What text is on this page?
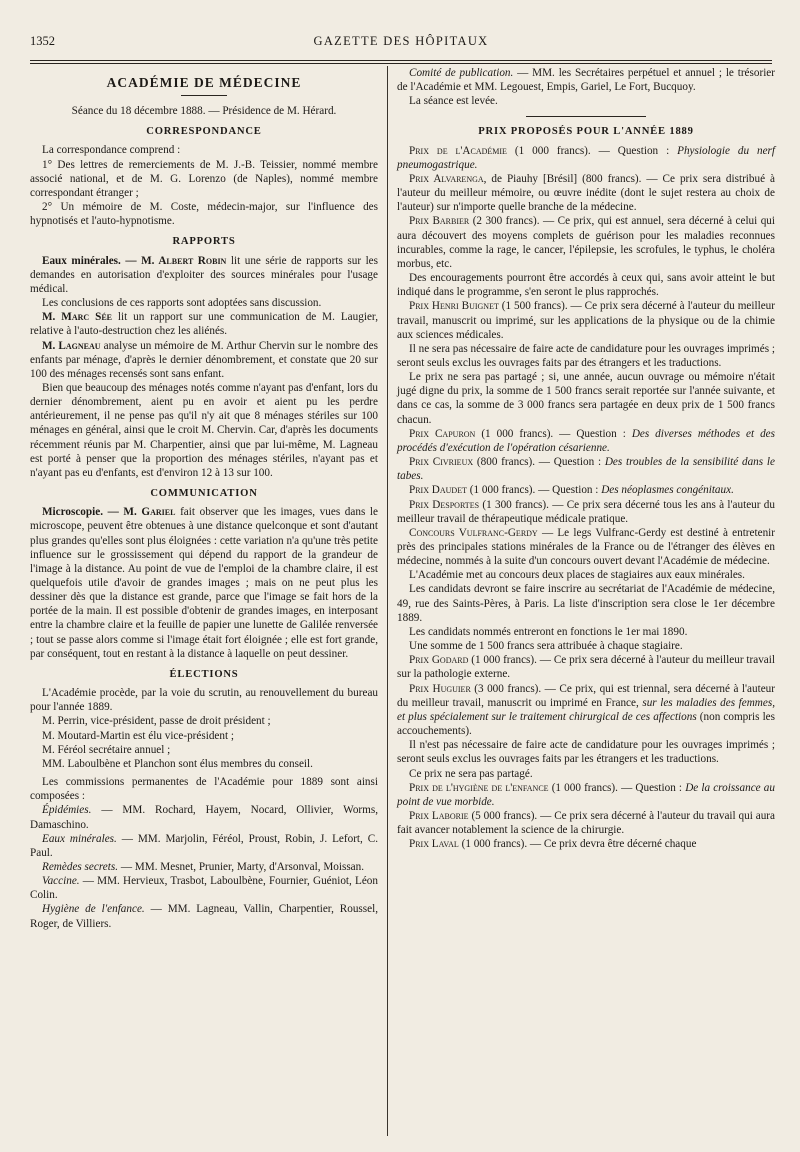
1352	GAZETTE DES HÔPITAUX
ACADÉMIE DE MÉDECINE

Séance du 18 décembre 1888. — Présidence de M. Hérard.

CORRESPONDANCE

La correspondance comprend :

1° Des lettres de remerciements de M. J.-B. Teissier, nommé membre associé national, et de M. G. Lorenzo (de Naples), nommé membre correspondant étranger ;

2° Un mémoire de M. Coste, médecin-major, sur l'influence des hypnotisés et l'auto-hypnotisme.

RAPPORTS

Eaux minérales. — M. Albert Robin lit une série de rapports sur les demandes en autorisation d'exploiter des sources minérales pour l'usage médical.

Les conclusions de ces rapports sont adoptées sans discussion.

M. Marc Sée lit un rapport sur une communication de M. Laugier, relative à l'auto-destruction chez les aliénés.

M. Lagneau analyse un mémoire de M. Arthur Chervin sur le nombre des enfants par ménage, d'après le dernier dénombrement, et constate que 20 sur 100 des ménages recensés sont sans enfant.

Bien que beaucoup des ménages notés comme n'ayant pas d'enfant, lors du dernier dénombrement, aient pu en avoir et aient pu les perdre antérieurement, il ne pense pas qu'il n'y ait que 8 ménages stériles sur 100 ménages en général, ainsi que le croit M. Chervin. Car, d'après les documents récemment réunis par M. Charpentier, ainsi que par lui-même, M. Lagneau est porté à penser que la proportion des ménages stériles, n'ayant pas et n'ayant pas eu d'enfants, est d'environ 12 à 13 sur 100.

COMMUNICATION

Microscopie. — M. Gariel fait observer que les images, vues dans le microscope, peuvent être obtenues à une distance quelconque et sont d'autant plus grandes qu'elles sont plus éloignées : cette variation n'a qu'une très petite influence sur le grossissement qui dépend du rapport de la grandeur de l'image à la distance. Au point de vue de l'emploi de la chambre claire, il est quelquefois utile d'avoir de grandes images ; mais on ne peut plus les dessiner dès que la distance est grande, parce que l'image se fait hors de la portée de la main. Il est possible d'obtenir de grandes images, en interposant entre la chambre claire et la feuille de papier une lunette de Galilée renversée ; tout se passe alors comme si l'image était fort éloignée ; elle est fort grande, par conséquent, tout en restant à la distance à laquelle on peut dessiner.

ÉLECTIONS

L'Académie procède, par la voie du scrutin, au renouvellement du bureau pour l'année 1889.

M. Perrin, vice-président, passe de droit président ;

M. Moutard-Martin est élu vice-président ;

M. Féréol secrétaire annuel ;

MM. Laboulbène et Planchon sont élus membres du conseil.

Les commissions permanentes de l'Académie pour 1889 sont ainsi composées :

Épidémies. — MM. Rochard, Hayem, Nocard, Ollivier, Worms, Damaschino.

Eaux minérales. — MM. Marjolin, Féréol, Proust, Robin, J. Lefort, C. Paul.

Remèdes secrets. — MM. Mesnet, Prunier, Marty, d'Arsonval, Moissan.

Vaccine. — MM. Hervieux, Trasbot, Laboulbène, Fournier, Guéniot, Léon Colin.

Hygiène de l'enfance. — MM. Lagneau, Vallin, Charpentier, Roussel, Roger, de Villiers.

Comité de publication. — MM. les Secrétaires perpétuel et annuel ; le trésorier de l'Académie et MM. Legouest, Empis, Gariel, Le Fort, Bucquoy.

La séance est levée.

PRIX PROPOSÉS POUR L'ANNÉE 1889

Prix de l'Académie (1 000 francs). — Question : Physiologie du nerf pneumogastrique.

Prix Alvarenga, de Piauhy [Brésil] (800 francs). — Ce prix sera distribué à l'auteur du meilleur mémoire, ou œuvre inédite (dont le sujet restera au choix de l'auteur) sur n'importe quelle branche de la médecine.

Prix Barbier (2 300 francs). — Ce prix, qui est annuel, sera décerné à celui qui aura découvert des moyens complets de guérison pour les maladies reconnues incurables, comme la rage, le cancer, l'épilepsie, les scrofules, le typhus, le choléra morbus, etc.

Des encouragements pourront être accordés à ceux qui, sans avoir atteint le but indiqué dans le programme, s'en seront le plus rapprochés.

Prix Henri Buignet (1 500 francs). — Ce prix sera décerné à l'auteur du meilleur travail, manuscrit ou imprimé, sur les applications de la physique ou de la chimie aux sciences médicales.

Il ne sera pas nécessaire de faire acte de candidature pour les ouvrages imprimés ; seront seuls exclus les ouvrages faits par des étrangers et les traductions.

Le prix ne sera pas partagé ; si, une année, aucun ouvrage ou mémoire n'était jugé digne du prix, la somme de 1 500 francs serait reportée sur l'année suivante, et dans ce cas, la somme de 3 000 francs sera partagée en deux prix de 1 500 francs chacun.

Prix Capuron (1 000 francs). — Question : Des diverses méthodes et des procédés d'exécution de l'opération césarienne.

Prix Civrieux (800 francs). — Question : Des troubles de la sensibilité dans le tabes.

Prix Daudet (1 000 francs). — Question : Des néoplasmes congénitaux.

Prix Desportes (1 300 francs). — Ce prix sera décerné tous les ans à l'auteur du meilleur travail de thérapeutique médicale pratique.

Concours Vulfranc-Gerdy — Le legs Vulfranc-Gerdy est destiné à entretenir près des principales stations minérales de la France ou de l'étranger des élèves en médecine, nommés à la suite d'un concours ouvert devant l'Académie de médecine.

L'Académie met au concours deux places de stagiaires aux eaux minérales.

Les candidats devront se faire inscrire au secrétariat de l'Académie de médecine, 49, rue des Saints-Pères, à Paris. La liste d'inscription sera close le 1er décembre 1889.

Les candidats nommés entreront en fonctions le 1er mai 1890.

Une somme de 1 500 francs sera attribuée à chaque stagiaire.

Prix Godard (1 000 francs). — Ce prix sera décerné à l'auteur du meilleur travail sur la pathologie externe.

Prix Huguier (3 000 francs). — Ce prix, qui est triennal, sera décerné à l'auteur du meilleur travail, manuscrit ou imprimé en France, sur les maladies des femmes, et plus spécialement sur le traitement chirurgical de ces affections (non compris les accouchements).

Il n'est pas nécessaire de faire acte de candidature pour les ouvrages imprimés ; seront seuls exclus les ouvrages faits par les étrangers et les traductions.

Ce prix ne sera pas partagé.

Prix de l'hygiène de l'enfance (1 000 francs). — Question : De la croissance au point de vue morbide.

Prix Laborie (5 000 francs). — Ce prix sera décerné à l'auteur du travail qui aura fait avancer notablement la science de la chirurgie.

Prix Laval (1 000 francs). — Ce prix devra être décerné chaque
